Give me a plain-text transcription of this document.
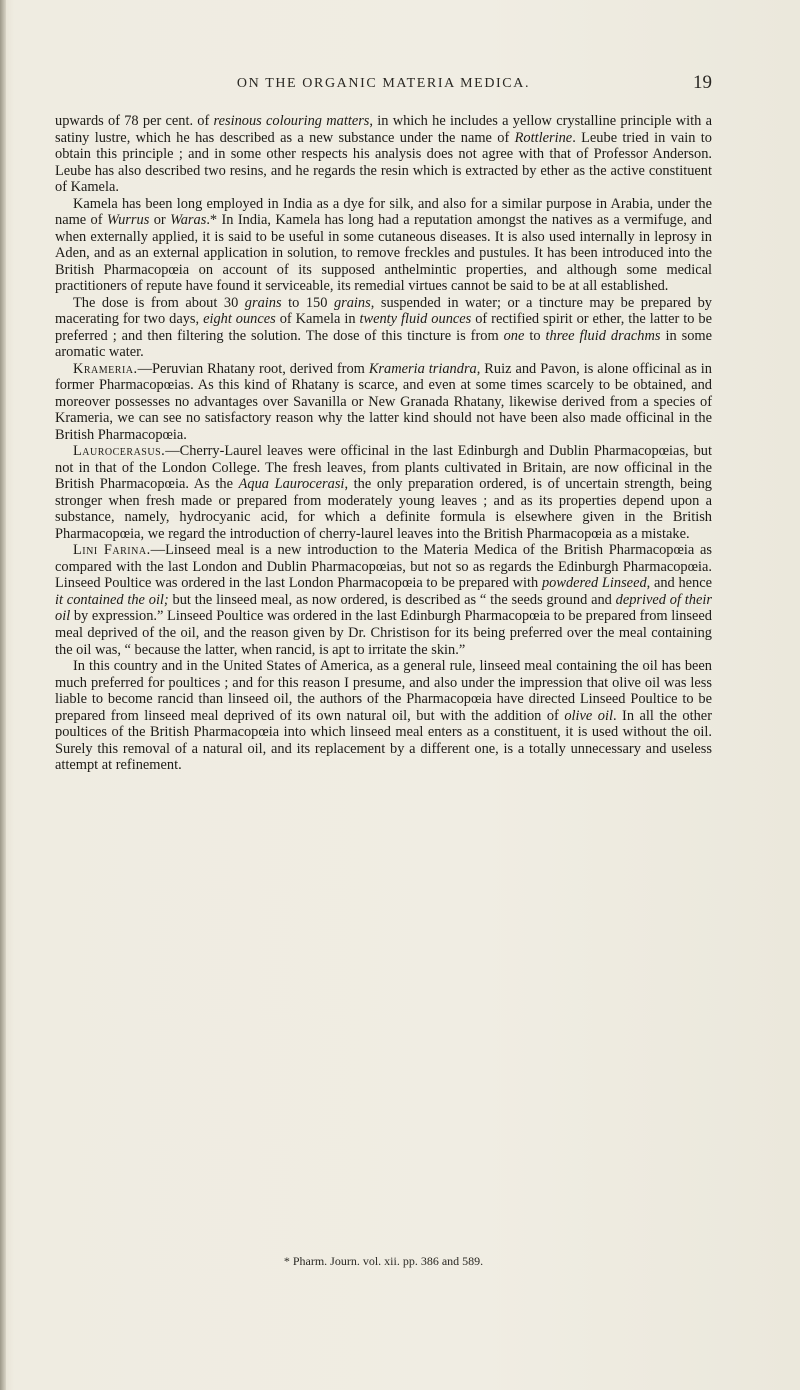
ON THE ORGANIC MATERIA MEDICA.	19

upwards of 78 per cent. of resinous colouring matters, in which he includes a yellow crystalline principle with a satiny lustre, which he has described as a new substance under the name of Rottlerine. Leube tried in vain to obtain this principle ; and in some other respects his analysis does not agree with that of Professor Anderson. Leube has also described two resins, and he regards the resin which is extracted by ether as the active constituent of Kamela.

Kamela has been long employed in India as a dye for silk, and also for a similar purpose in Arabia, under the name of Wurrus or Waras.* In India, Kamela has long had a reputation amongst the natives as a vermifuge, and when externally applied, it is said to be useful in some cutaneous diseases. It is also used internally in leprosy in Aden, and as an external application in solution, to remove freckles and pustules. It has been introduced into the British Pharmacopœia on account of its supposed anthelmintic properties, and although some medical practitioners of repute have found it serviceable, its remedial virtues cannot be said to be at all established.

The dose is from about 30 grains to 150 grains, suspended in water; or a tincture may be prepared by macerating for two days, eight ounces of Kamela in twenty fluid ounces of rectified spirit or ether, the latter to be preferred ; and then filtering the solution. The dose of this tincture is from one to three fluid drachms in some aromatic water.

Krameria.—Peruvian Rhatany root, derived from Krameria triandra, Ruiz and Pavon, is alone officinal as in former Pharmacopœias. As this kind of Rhatany is scarce, and even at some times scarcely to be obtained, and moreover possesses no advantages over Savanilla or New Granada Rhatany, likewise derived from a species of Krameria, we can see no satisfactory reason why the latter kind should not have been also made officinal in the British Pharmacopœia.

Laurocerasus.—Cherry-Laurel leaves were officinal in the last Edinburgh and Dublin Pharmacopœias, but not in that of the London College. The fresh leaves, from plants cultivated in Britain, are now officinal in the British Pharmacopœia. As the Aqua Laurocerasi, the only preparation ordered, is of uncertain strength, being stronger when fresh made or prepared from moderately young leaves ; and as its properties depend upon a substance, namely, hydrocyanic acid, for which a definite formula is elsewhere given in the British Pharmacopœia, we regard the introduction of cherry-laurel leaves into the British Pharmacopœia as a mistake.

Lini Farina.—Linseed meal is a new introduction to the Materia Medica of the British Pharmacopœia as compared with the last London and Dublin Pharmacopœias, but not so as regards the Edinburgh Pharmacopœia. Linseed Poultice was ordered in the last London Pharmacopœia to be prepared with powdered Linseed, and hence it contained the oil; but the linseed meal, as now ordered, is described as “ the seeds ground and deprived of their oil by expression.” Linseed Poultice was ordered in the last Edinburgh Pharmacopœia to be prepared from linseed meal deprived of the oil, and the reason given by Dr. Christison for its being preferred over the meal containing the oil was, “ because the latter, when rancid, is apt to irritate the skin.”

In this country and in the United States of America, as a general rule, linseed meal containing the oil has been much preferred for poultices ; and for this reason I presume, and also under the impression that olive oil was less liable to become rancid than linseed oil, the authors of the Pharmacopœia have directed Linseed Poultice to be prepared from linseed meal deprived of its own natural oil, but with the addition of olive oil. In all the other poultices of the British Pharmacopœia into which linseed meal enters as a constituent, it is used without the oil. Surely this removal of a natural oil, and its replacement by a different one, is a totally unnecessary and useless attempt at refinement.

* Pharm. Journ. vol. xii. pp. 386 and 589.
